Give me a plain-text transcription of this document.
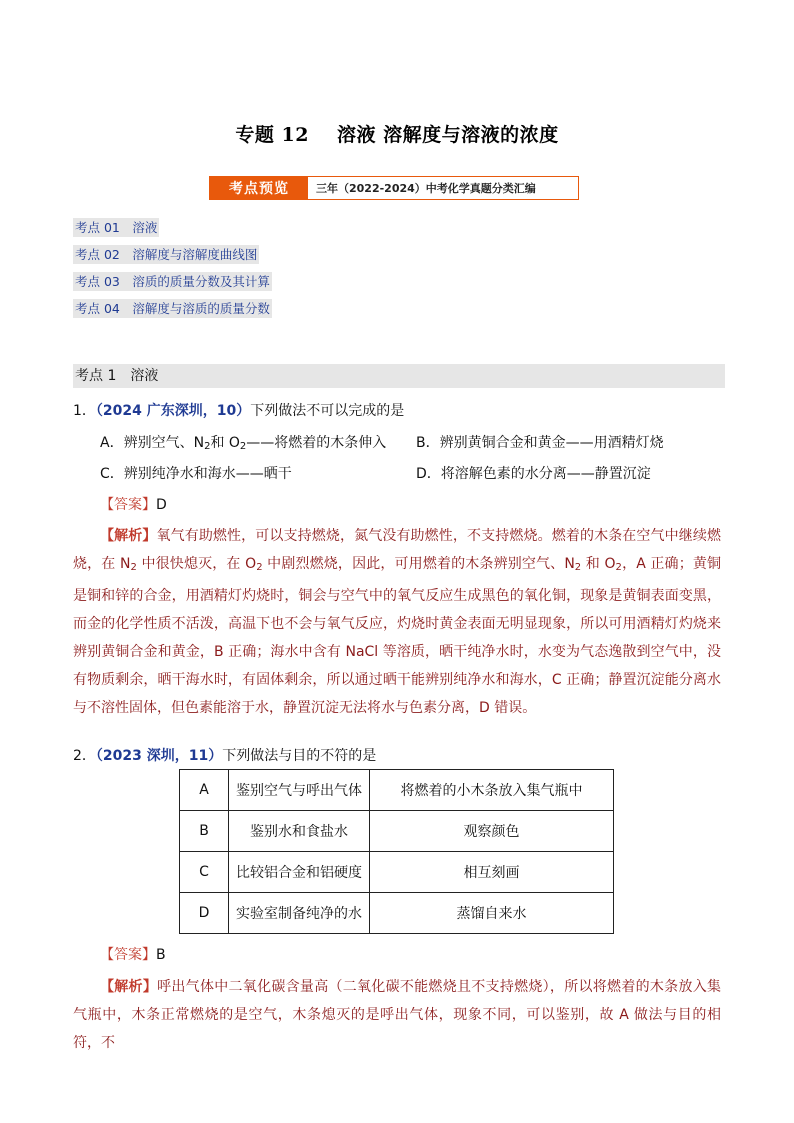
专题 12 溶液 溶解度与溶液的浓度
考点预览	三年（2022-2024）中考化学真题分类汇编
考点 01　溶液
考点 02　溶解度与溶解度曲线图
考点 03　溶质的质量分数及其计算
考点 04　溶解度与溶质的质量分数
考点 1　溶液
1．（2024 广东深圳，10）下列做法不可以完成的是
A．辨别空气、$N_2$和 $O_2——$将燃着的木条伸入 B．辨别黄铜合金和黄金——用酒精灯烧
C．辨别纯净水和海水——晒干	D．将溶解色素的水分离——静置沉淀
【答案】D
【解析】氧气有助燃性，可以支持燃烧，氮气没有助燃性，不支持燃烧。燃着的木条在空气中继续燃烧，在 $N_2$ 中很快熄灭，在 $O_2$ 中剧烈燃烧，因此，可用燃着的木条辨别空气、$N_2$ 和 $O_2$，A 正确；黄铜是铜和锌的合金，用酒精灯灼烧时，铜会与空气中的氧气反应生成黑色的氧化铜，现象是黄铜表面变黑，而金的化学性质不活泼，高温下也不会与氧气反应，灼烧时黄金表面无明显现象，所以可用酒精灯灼烧来辨别黄铜合金和黄金，B 正确；海水中含有 NaCl 等溶质，晒干纯净水时，水变为气态逸散到空气中，没有物质剩余，晒干海水时，有固体剩余，所以通过晒干能辨别纯净水和海水，C 正确；静置沉淀能分离水与不溶性固体，但色素能溶于水，静置沉淀无法将水与色素分离，D 错误。
2．（2023 深圳，11）下列做法与目的不符的是
A	鉴别空气与呼出气体	将燃着的小木条放入集气瓶中
B	鉴别水和食盐水	观察颜色
C	比较铝合金和铝硬度	相互刻画
D	实验室制备纯净的水	蒸馏自来水
【答案】B
【解析】呼出气体中二氧化碳含量高（二氧化碳不能燃烧且不支持燃烧），所以将燃着的木条放入集气瓶中，木条正常燃烧的是空气，木条熄灭的是呼出气体，现象不同，可以鉴别，故 A 做法与目的相符，不
